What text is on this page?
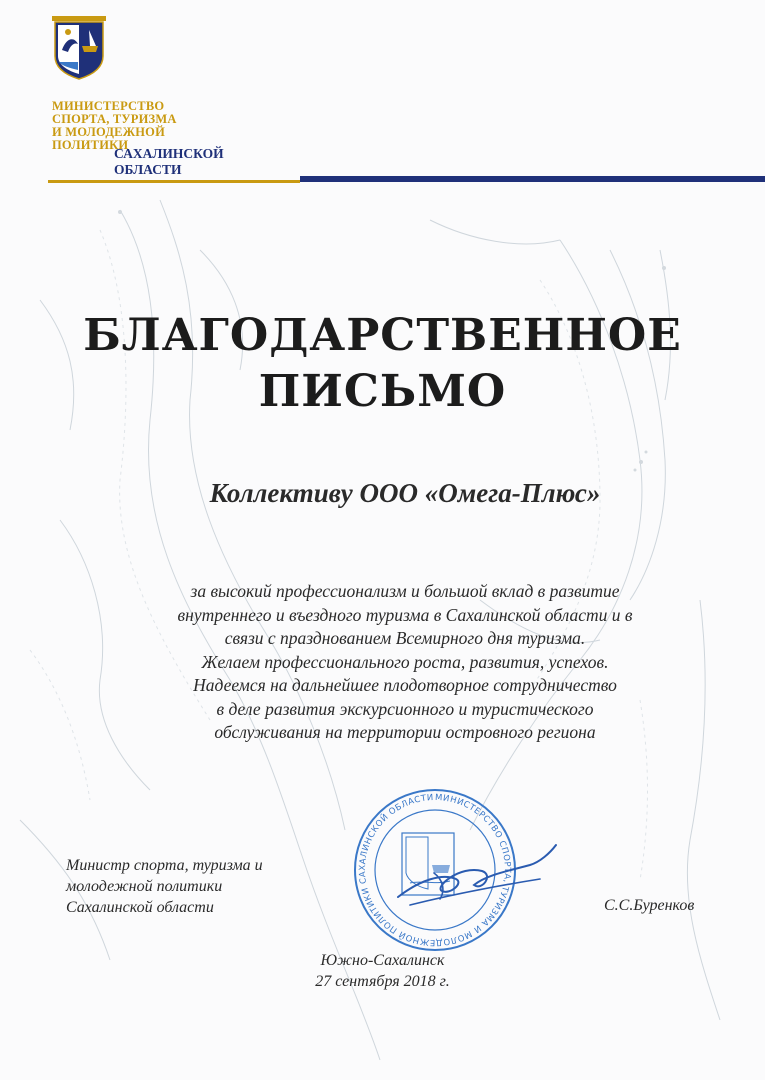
МИНИСТЕРСТВО
СПОРТА, ТУРИЗМА
И МОЛОДЕЖНОЙ
ПОЛИТИКИ
САХАЛИНСКОЙ
ОБЛАСТИ
БЛАГОДАРСТВЕННОЕ
ПИСЬМО
Коллективу ООО «Омега-Плюс»
за высокий профессионализм и большой вклад в развитие
внутреннего и въездного туризма в Сахалинской области и в
связи с празднованием Всемирного дня туризма.
Желаем профессионального роста, развития, успехов.
Надеемся на дальнейшее плодотворное сотрудничество
в деле развития экскурсионного и туристического
обслуживания на территории островного региона
МИНИСТЕРСТВО СПОРТА, ТУРИЗМА И МОЛОДЕЖНОЙ ПОЛИТИКИ САХАЛИНСКОЙ ОБЛАСТИ
Министр спорта, туризма и
молодежной политики
Сахалинской области	С.С.Буренков
Южно-Сахалинск
27 сентября 2018 г.
